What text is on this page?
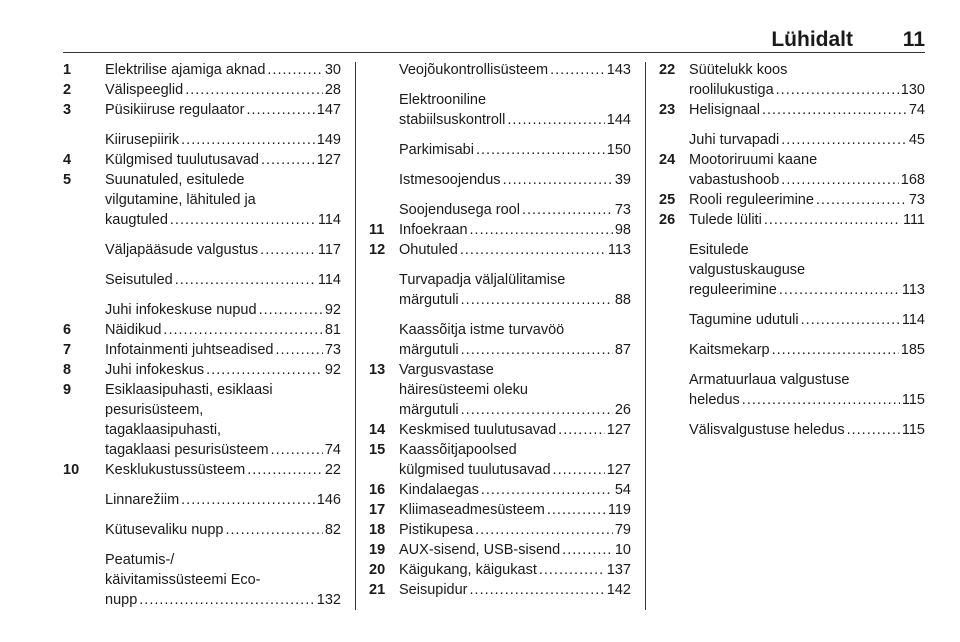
Lühidalt 11
1 Elektrilise ajamiga aknad .....	30
2 Välispeeglid .....	28
3 Püsikiiruse regulaator .....	147
Kiirusepiirik .....	149
4 Külgmised tuulutusavad .....	127
5 Suunatuled, esitulede
vilgutamine, lähituled ja
kaugtuled .....	114
Väljapääsude valgustus .....	117
Seisutuled .....	114
Juhi infokeskuse nupud .....	92
6 Näidikud .....	81
7 Infotainmenti juhtseadised .....	73
8 Juhi infokeskus .....	92
9 Esiklaasipuhasti, esiklaasi
pesurisüsteem,
tagaklaasipuhasti,
tagaklaasi pesurisüsteem .....	74
10 Kesklukustussüsteem .....	22
Linnarežiim .....	146
Kütusevaliku nupp .....	82
Peatumis-/
käivitamissüsteemi Eco-
nupp .....	132
Veojõukontrollisüsteem .....	143
Elektrooniline
stabiilsuskontroll .....	144
Parkimisabi .....	150
Istmesoojendus .....	39
Soojendusega rool .....	73
11 Infoekraan .....	98
12 Ohutuled .....	113
Turvapadja väljalülitamise
märgutuli .....	88
Kaassõitja istme turvavöö
märgutuli .....	87
13 Vargusvastase
häiresüsteemi oleku
märgutuli .....	26
14 Keskmised tuulutusavad .....	127
15 Kaassõitjapoolsed
külgmised tuulutusavad .....	127
16 Kindalaegas .....	54
17 Kliimaseadmesüsteem .....	119
18 Pistikupesa .....	79
19 AUX-sisend, USB-sisend .....	10
20 Käigukang, käigukast .....	137
21 Seisupidur .....	142
22 Süütelukk koos
roolilukustiga .....	130
23 Helisignaal .....	74
Juhi turvapadi .....	45
24 Mootoriruumi kaane
vabastushoob .....	168
25 Rooli reguleerimine .....	73
26 Tulede lüliti .....	111
Esitulede
valgustuskauguse
reguleerimine .....	113
Tagumine udutuli .....	114
Kaitsmekarp .....	185
Armatuurlaua valgustuse
heledus .....	115
Välisvalgustuse heledus .....	115
